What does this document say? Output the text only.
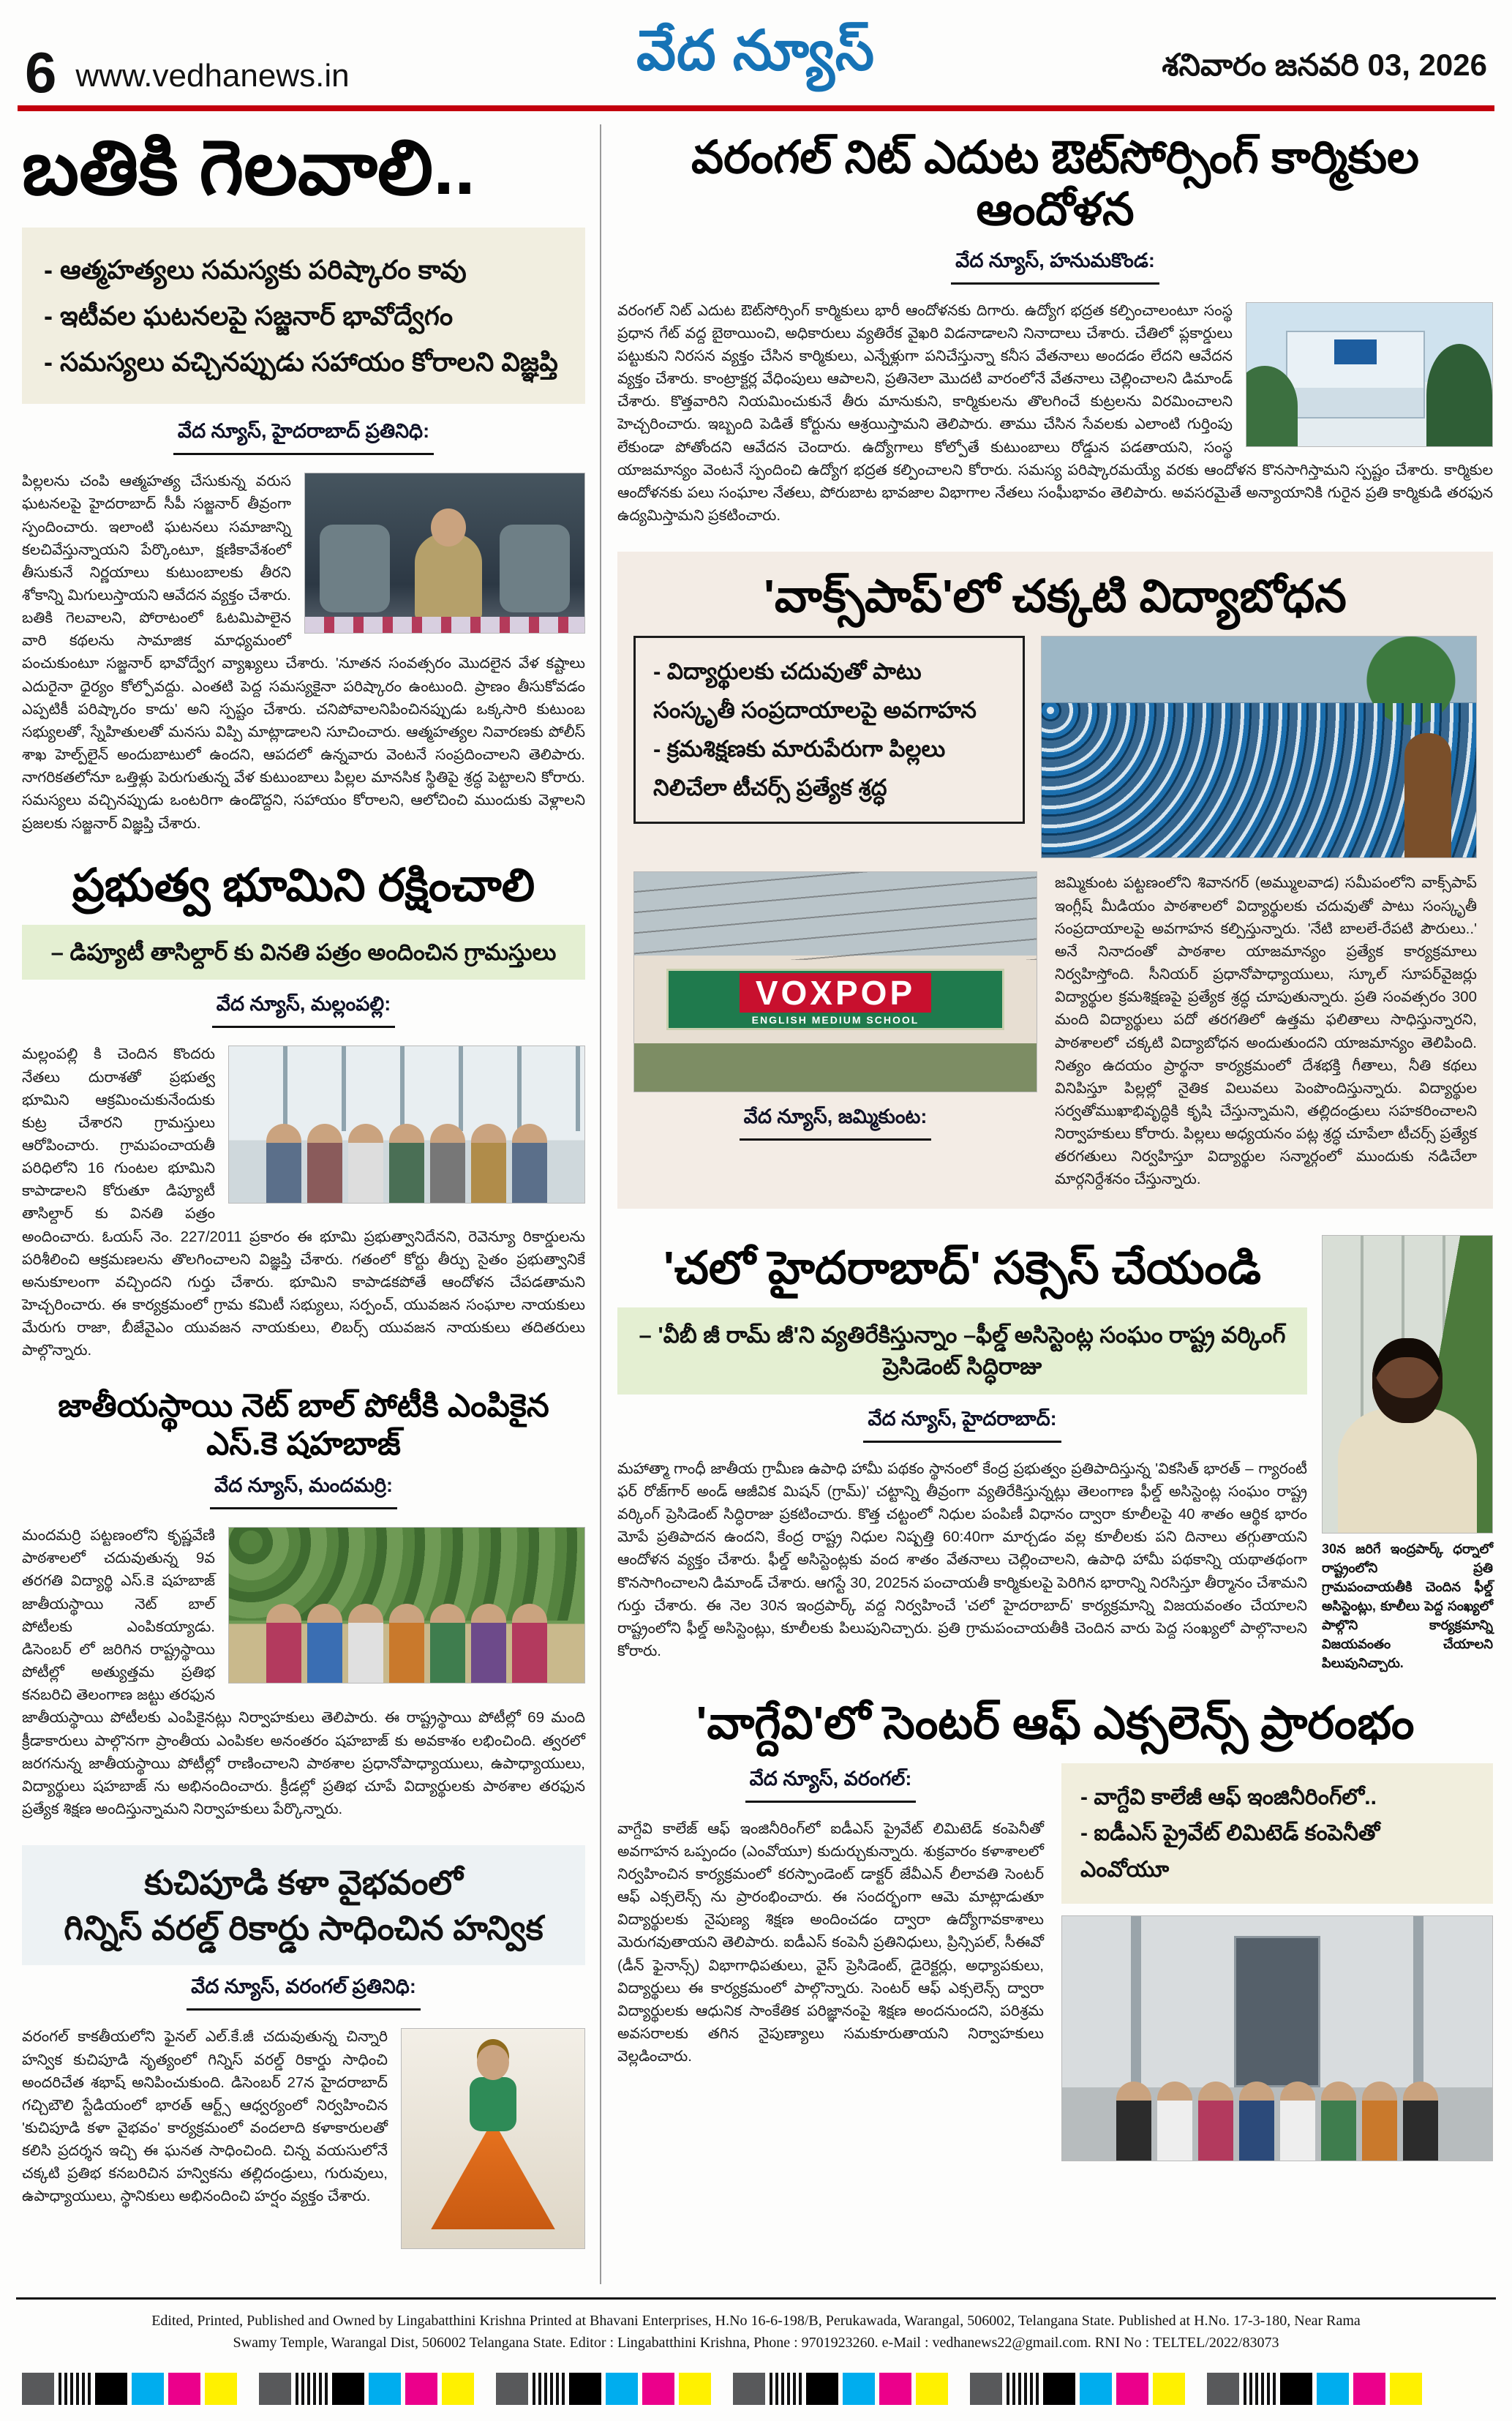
6 www.vedhanews.in	వేద న్యూస్	శనివారం జనవరి 03, 2026
బతికి గెలవాలి..
- ఆత్మహత్యలు సమస్యకు పరిష్కారం కావు
- ఇటీవల ఘటనలపై సజ్జనార్ భావోద్వేగం
- సమస్యలు వచ్చినప్పుడు సహాయం కోరాలని విజ్ఞప్తి
వేద న్యూస్, హైదరాబాద్ ప్రతినిధి:
పిల్లలను చంపి ఆత్మహత్య చేసుకున్న వరుస ఘటనలపై హైదరాబాద్ సీపీ సజ్జనార్ తీవ్రంగా స్పందించారు. ఇలాంటి ఘటనలు సమాజాన్ని కలచివేస్తున్నాయని పేర్కొంటూ, క్షణికావేశంలో తీసుకునే నిర్ణయాలు కుటుంబాలకు తీరని శోకాన్ని మిగులుస్తాయని ఆవేదన వ్యక్తం చేశారు. బతికి గెలవాలని, పోరాటంలో ఓటమిపాలైన వారి కథలను సామాజిక మాధ్యమంలో పంచుకుంటూ సజ్జనార్ భావోద్వేగ వ్యాఖ్యలు చేశారు. 'నూతన సంవత్సరం మొదలైన వేళ కష్టాలు ఎదురైనా ధైర్యం కోల్పోవద్దు. ఎంతటి పెద్ద సమస్యకైనా పరిష్కారం ఉంటుంది. ప్రాణం తీసుకోవడం ఎప్పటికీ పరిష్కారం కాదు' అని స్పష్టం చేశారు. చనిపోవాలనిపించినప్పుడు ఒక్కసారి కుటుంబ సభ్యులతో, స్నేహితులతో మనసు విప్పి మాట్లాడాలని సూచించారు. ఆత్మహత్యల నివారణకు పోలీస్ శాఖ హెల్ప్‌లైన్ అందుబాటులో ఉందని, ఆపదలో ఉన్నవారు వెంటనే సంప్రదించాలని తెలిపారు. నాగరికతలోనూ ఒత్తిళ్లు పెరుగుతున్న వేళ కుటుంబాలు పిల్లల మానసిక స్థితిపై శ్రద్ధ పెట్టాలని కోరారు. సమస్యలు వచ్చినప్పుడు ఒంటరిగా ఉండొద్దని, సహాయం కోరాలని, ఆలోచించి ముందుకు వెళ్లాలని ప్రజలకు సజ్జనార్ విజ్ఞప్తి చేశారు.
ప్రభుత్వ భూమిని రక్షించాలి
– డిప్యూటీ తాసిల్దార్ కు వినతి పత్రం అందించిన గ్రామస్తులు
వేద న్యూస్, మల్లంపల్లి:
మల్లంపల్లి కి చెందిన కొందరు నేతలు దురాశతో ప్రభుత్వ భూమిని ఆక్రమించుకునేందుకు కుట్ర చేశారని గ్రామస్తులు ఆరోపించారు. గ్రామపంచాయతీ పరిధిలోని 16 గుంటల భూమిని కాపాడాలని కోరుతూ డిప్యూటీ తాసిల్దార్ కు వినతి పత్రం అందించారు. ఓయస్ నెం. 227/2011 ప్రకారం ఈ భూమి ప్రభుత్వానిదేనని, రెవెన్యూ రికార్డులను పరిశీలించి ఆక్రమణలను తొలగించాలని విజ్ఞప్తి చేశారు. గతంలో కోర్టు తీర్పు సైతం ప్రభుత్వానికే అనుకూలంగా వచ్చిందని గుర్తు చేశారు. భూమిని కాపాడకపోతే ఆందోళన చేపడతామని హెచ్చరించారు. ఈ కార్యక్రమంలో గ్రామ కమిటీ సభ్యులు, సర్పంచ్, యువజన సంఘాల నాయకులు మేరుగు రాజా, బీజేవైఎం యువజన నాయకులు, లిబర్స్ యువజన నాయకులు తదితరులు పాల్గొన్నారు.
జాతీయస్థాయి నెట్ బాల్ పోటీకి ఎంపికైన ఎస్.కె షహబాజ్
వేద న్యూస్, మందమర్రి:
మందమర్రి పట్టణంలోని కృష్ణవేణి పాఠశాలలో చదువుతున్న 9వ తరగతి విద్యార్థి ఎస్.కె షహబాజ్ జాతీయస్థాయి నెట్ బాల్ పోటీలకు ఎంపికయ్యాడు. డిసెంబర్ లో జరిగిన రాష్ట్రస్థాయి పోటీల్లో అత్యుత్తమ ప్రతిభ కనబరిచి తెలంగాణ జట్టు తరఫున జాతీయస్థాయి పోటీలకు ఎంపికైనట్లు నిర్వాహకులు తెలిపారు. ఈ రాష్ట్రస్థాయి పోటీల్లో 69 మంది క్రీడాకారులు పాల్గొనగా ప్రాంతీయ ఎంపికల అనంతరం షహబాజ్ కు అవకాశం లభించింది. త్వరలో జరగనున్న జాతీయస్థాయి పోటీల్లో రాణించాలని పాఠశాల ప్రధానోపాధ్యాయులు, ఉపాధ్యాయులు, విద్యార్థులు షహబాజ్ ను అభినందించారు. క్రీడల్లో ప్రతిభ చూపే విద్యార్థులకు పాఠశాల తరఫున ప్రత్యేక శిక్షణ అందిస్తున్నామని నిర్వాహకులు పేర్కొన్నారు.
కుచిపూడి కళా వైభవంలో
గిన్నిస్ వరల్డ్ రికార్డు సాధించిన హన్విక
వేద న్యూస్, వరంగల్ ప్రతినిధి:
వరంగల్ కాకతీయలోని ఫైనల్ ఎల్.కే.జీ చదువుతున్న చిన్నారి హన్విక కుచిపూడి నృత్యంలో గిన్నిస్ వరల్డ్ రికార్డు సాధించి అందరిచేత శభాష్ అనిపించుకుంది. డిసెంబర్ 27న హైదరాబాద్ గచ్చిబౌలి స్టేడియంలో భారత్ ఆర్ట్స్ ఆధ్వర్యంలో నిర్వహించిన 'కుచిపూడి కళా వైభవం' కార్యక్రమంలో వందలాది కళాకారులతో కలిసి ప్రదర్శన ఇచ్చి ఈ ఘనత సాధించింది. చిన్న వయసులోనే చక్కటి ప్రతిభ కనబరిచిన హన్వికను తల్లిదండ్రులు, గురువులు, ఉపాధ్యాయులు, స్థానికులు అభినందించి హర్షం వ్యక్తం చేశారు.
వరంగల్ నిట్ ఎదుట ఔట్‌సోర్సింగ్ కార్మికుల ఆందోళన
వేద న్యూస్, హనుమకొండ:
వరంగల్ నిట్ ఎదుట ఔట్‌సోర్సింగ్ కార్మికులు భారీ ఆందోళనకు దిగారు. ఉద్యోగ భద్రత కల్పించాలంటూ సంస్థ ప్రధాన గేట్ వద్ద బైఠాయించి, అధికారులు వ్యతిరేక వైఖరి విడనాడాలని నినాదాలు చేశారు. చేతిలో ప్లకార్డులు పట్టుకుని నిరసన వ్యక్తం చేసిన కార్మికులు, ఎన్నేళ్లుగా పనిచేస్తున్నా కనీస వేతనాలు అందడం లేదని ఆవేదన వ్యక్తం చేశారు. కాంట్రాక్టర్ల వేధింపులు ఆపాలని, ప్రతినెలా మొదటి వారంలోనే వేతనాలు చెల్లించాలని డిమాండ్ చేశారు. కొత్తవారిని నియమించుకునే తీరు మానుకుని, కార్మికులను తొలగించే కుట్రలను విరమించాలని హెచ్చరించారు. ఇబ్బంది పెడితే కోర్టును ఆశ్రయిస్తామని తెలిపారు. తాము చేసిన సేవలకు ఎలాంటి గుర్తింపు లేకుండా పోతోందని ఆవేదన చెందారు. ఉద్యోగాలు కోల్పోతే కుటుంబాలు రోడ్డున పడతాయని, సంస్థ యాజమాన్యం వెంటనే స్పందించి ఉద్యోగ భద్రత కల్పించాలని కోరారు. సమస్య పరిష్కారమయ్యే వరకు ఆందోళన కొనసాగిస్తామని స్పష్టం చేశారు. కార్మికుల ఆందోళనకు పలు సంఘాల నేతలు, పోరుబాట భావజాల విభాగాల నేతలు సంఘీభావం తెలిపారు. అవసరమైతే అన్యాయానికి గురైన ప్రతి కార్మికుడి తరఫున ఉద్యమిస్తామని ప్రకటించారు.
'వాక్స్‌పాప్'లో చక్కటి విద్యాబోధన
- విద్యార్థులకు చదువుతో పాటు సంస్కృతీ సంప్రదాయాలపై అవగాహన
- క్రమశిక్షణకు మారుపేరుగా పిల్లలు నిలిచేలా టీచర్స్ ప్రత్యేక శ్రద్ధ
VOXPOP
ENGLISH MEDIUM SCHOOL
వేద న్యూస్, జమ్మికుంట:
జమ్మికుంట పట్టణంలోని శివానగర్ (అమ్ములవాడ) సమీపంలోని వాక్స్‌పాప్ ఇంగ్లీష్ మీడియం పాఠశాలలో విద్యార్థులకు చదువుతో పాటు సంస్కృతీ సంప్రదాయాలపై అవగాహన కల్పిస్తున్నారు. 'నేటి బాలలే-రేపటి పౌరులు..' అనే నినాదంతో పాఠశాల యాజమాన్యం ప్రత్యేక కార్యక్రమాలు నిర్వహిస్తోంది. సీనియర్ ప్రధానోపాధ్యాయులు, స్కూల్ సూపర్‌వైజర్లు విద్యార్థుల క్రమశిక్షణపై ప్రత్యేక శ్రద్ధ చూపుతున్నారు. ప్రతి సంవత్సరం 300 మంది విద్యార్థులు పదో తరగతిలో ఉత్తమ ఫలితాలు సాధిస్తున్నారని, పాఠశాలలో చక్కటి విద్యాబోధన అందుతుందని యాజమాన్యం తెలిపింది. నిత్యం ఉదయం ప్రార్థనా కార్యక్రమంలో దేశభక్తి గీతాలు, నీతి కథలు వినిపిస్తూ పిల్లల్లో నైతిక విలువలు పెంపొందిస్తున్నారు. విద్యార్థుల సర్వతోముఖాభివృద్ధికి కృషి చేస్తున్నామని, తల్లిదండ్రులు సహకరించాలని నిర్వాహకులు కోరారు. పిల్లలు అధ్యయనం పట్ల శ్రద్ధ చూపేలా టీచర్స్ ప్రత్యేక తరగతులు నిర్వహిస్తూ విద్యార్థుల సన్మార్గంలో ముందుకు నడిచేలా మార్గనిర్దేశనం చేస్తున్నారు.
'చలో హైదరాబాద్' సక్సెస్ చేయండి
– 'వీబీ జీ రామ్ జీ'ని వ్యతిరేకిస్తున్నాం –ఫీల్డ్ అసిస్టెంట్ల సంఘం రాష్ట్ర వర్కింగ్ ప్రెసిడెంట్ సిద్ధిరాజు
వేద న్యూస్, హైదరాబాద్:
మహాత్మా గాంధీ జాతీయ గ్రామీణ ఉపాధి హామీ పథకం స్థానంలో కేంద్ర ప్రభుత్వం ప్రతిపాదిస్తున్న 'వికసిత్ భారత్ – గ్యారంటీ ఫర్ రోజ్‌గార్ అండ్ ఆజీవిక మిషన్ (గ్రామ్)' చట్టాన్ని తీవ్రంగా వ్యతిరేకిస్తున్నట్లు తెలంగాణ ఫీల్డ్ అసిస్టెంట్ల సంఘం రాష్ట్ర వర్కింగ్ ప్రెసిడెంట్ సిద్ధిరాజు ప్రకటించారు. కొత్త చట్టంలో నిధుల పంపిణీ విధానం ద్వారా కూలీలపై 40 శాతం ఆర్థిక భారం మోపే ప్రతిపాదన ఉందని, కేంద్ర రాష్ట్ర నిధుల నిష్పత్తి 60:40గా మార్చడం వల్ల కూలీలకు పని దినాలు తగ్గుతాయని ఆందోళన వ్యక్తం చేశారు. ఫీల్డ్ అసిస్టెంట్లకు వంద శాతం వేతనాలు చెల్లించాలని, ఉపాధి హామీ పథకాన్ని యథాతథంగా కొనసాగించాలని డిమాండ్ చేశారు. ఆగస్టే 30, 2025న పంచాయతీ కార్మికులపై పెరిగిన భారాన్ని నిరసిస్తూ తీర్మానం చేశామని గుర్తు చేశారు. ఈ నెల 30న ఇంద్రపార్క్ వద్ద నిర్వహించే 'చలో హైదరాబాద్' కార్యక్రమాన్ని విజయవంతం చేయాలని రాష్ట్రంలోని ఫీల్డ్ అసిస్టెంట్లు, కూలీలకు పిలుపునిచ్చారు. ప్రతి గ్రామపంచాయతీకి చెందిన వారు పెద్ద సంఖ్యలో పాల్గొనాలని కోరారు.
30న జరిగే ఇంద్రపార్క్ ధర్నాలో రాష్ట్రంలోని ప్రతి గ్రామపంచాయతీకి చెందిన ఫీల్డ్ అసిస్టెంట్లు, కూలీలు పెద్ద సంఖ్యలో పాల్గొని కార్యక్రమాన్ని విజయవంతం చేయాలని పిలుపునిచ్చారు.
'వాగ్దేవి'లో సెంటర్ ఆఫ్ ఎక్సలెన్స్ ప్రారంభం
వేద న్యూస్, వరంగల్:
వాగ్దేవి కాలేజ్ ఆఫ్ ఇంజినీరింగ్‌లో ఐడీఎస్ ప్రైవేట్ లిమిటెడ్ కంపెనీతో అవగాహన ఒప్పందం (ఎంవోయూ) కుదుర్చుకున్నారు. శుక్రవారం కళాశాలలో నిర్వహించిన కార్యక్రమంలో కరస్పాండెంట్ డాక్టర్ జేవీఎన్ లీలావతి సెంటర్ ఆఫ్ ఎక్సలెన్స్ ను ప్రారంభించారు. ఈ సందర్భంగా ఆమె మాట్లాడుతూ విద్యార్థులకు నైపుణ్య శిక్షణ అందించడం ద్వారా ఉద్యోగావకాశాలు మెరుగవుతాయని తెలిపారు. ఐడీఎస్ కంపెనీ ప్రతినిధులు, ప్రిన్సిపల్, సీఈవో (డీన్ ఫైనాన్స్) విభాగాధిపతులు, వైస్ ప్రెసిడెంట్, డైరెక్టర్లు, అధ్యాపకులు, విద్యార్థులు ఈ కార్యక్రమంలో పాల్గొన్నారు. సెంటర్ ఆఫ్ ఎక్సలెన్స్ ద్వారా విద్యార్థులకు ఆధునిక సాంకేతిక పరిజ్ఞానంపై శిక్షణ అందనుందని, పరిశ్రమ అవసరాలకు తగిన నైపుణ్యాలు సమకూరుతాయని నిర్వాహకులు వెల్లడించారు.
- వాగ్దేవి కాలేజీ ఆఫ్ ఇంజినీరింగ్‌లో..
- ఐడీఎస్ ప్రైవేట్ లిమిటెడ్ కంపెనీతో ఎంవోయూ

Edited, Printed, Published and Owned by Lingabatthini Krishna Printed at Bhavani Enterprises, H.No 16-6-198/B, Perukawada, Warangal, 506002, Telangana State. Published at H.No. 17-3-180, Near Rama

Swamy Temple, Warangal Dist, 506002 Telangana State. Editor : Lingabatthini Krishna, Phone : 9701923260. e-Mail : vedhanews22@gmail.com. RNI No : TELTEL/2022/83073
